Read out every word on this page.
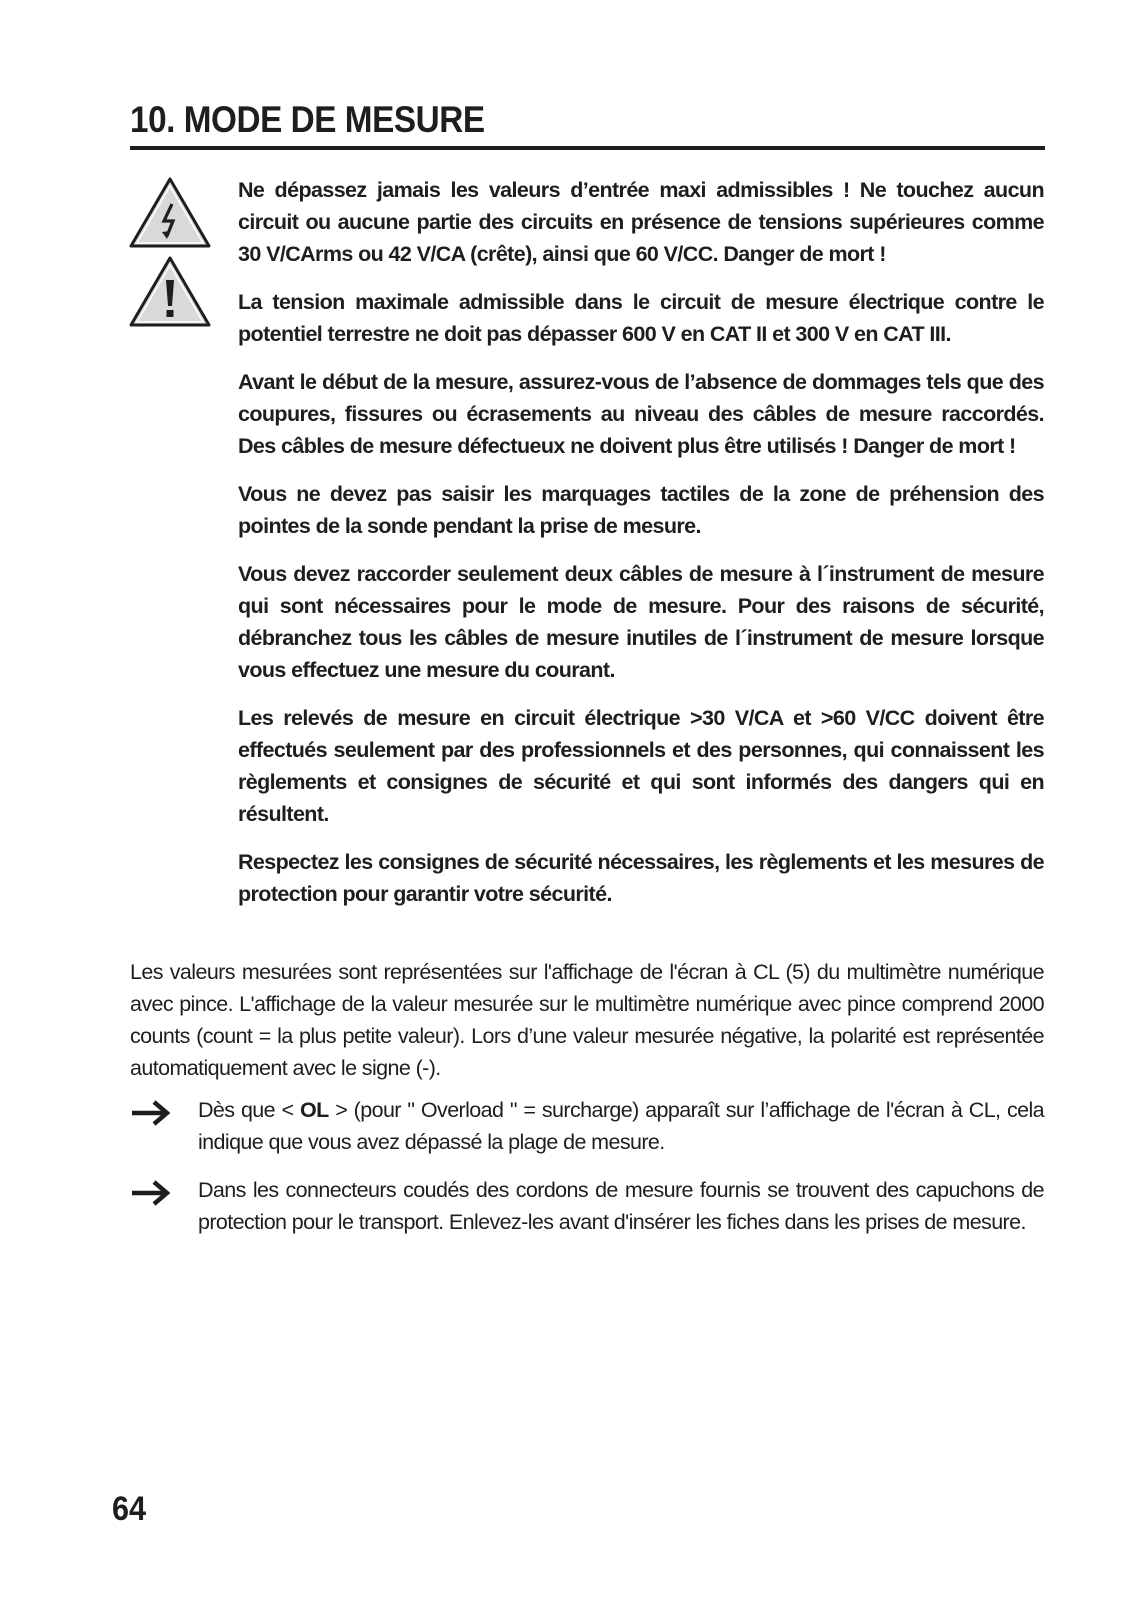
10. MODE DE MESURE

Ne dépassez jamais les valeurs d’entrée maxi admissibles ! Ne touchez aucun circuit ou aucune partie des circuits en présence de tensions supérieures comme 30 V/CArms ou 42 V/CA (crête), ainsi que 60 V/CC. Danger de mort !

La tension maximale admissible dans le circuit de mesure électrique contre le potentiel terrestre ne doit pas dépasser 600 V en CAT II et 300 V en CAT III.

Avant le début de la mesure, assurez-vous de l’absence de dommages tels que des coupures, fissures ou écrasements au niveau des câbles de mesure raccordés. Des câbles de mesure défectueux ne doivent plus être utilisés ! Danger de mort !

Vous ne devez pas saisir les marquages tactiles de la zone de préhension des pointes de la sonde pendant la prise de mesure.

Vous devez raccorder seulement deux câbles de mesure à l´instrument de mesure qui sont nécessaires pour le mode de mesure. Pour des raisons de sécurité, débranchez tous les câbles de mesure inutiles de l´instrument de mesure lorsque vous effectuez une mesure du courant.

Les relevés de mesure en circuit électrique >30 V/CA et >60 V/CC doivent être effectués seulement par des professionnels et des personnes, qui connaissent les règlements et consignes de sécurité et qui sont informés des dangers qui en résultent.

Respectez les consignes de sécurité nécessaires, les règlements et les mesures de protection pour garantir votre sécurité.

Les valeurs mesurées sont représentées sur l'affichage de l'écran à CL (5) du multimètre numérique avec pince. L'affichage de la valeur mesurée sur le multimètre numérique avec pince comprend 2000 counts (count = la plus petite valeur). Lors d’une valeur mesurée négative, la polarité est représentée automatiquement avec le signe (-).

Dès que < OL > (pour " Overload " = surcharge) apparaît sur l’affichage de l'écran à CL, cela indique que vous avez dépassé la plage de mesure.

Dans les connecteurs coudés des cordons de mesure fournis se trouvent des capuchons de protection pour le transport. Enlevez-les avant d'insérer les fiches dans les prises de mesure.

64
